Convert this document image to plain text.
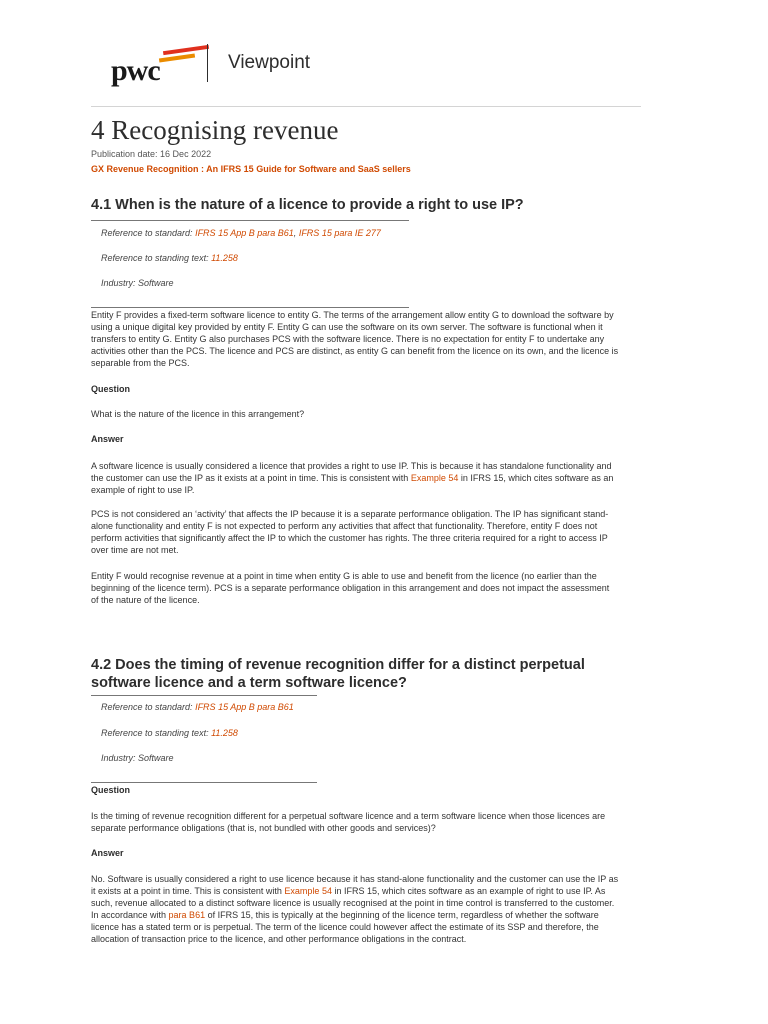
pwc	Viewpoint
4 Recognising revenue
Publication date: 16 Dec 2022
GX Revenue Recognition : An IFRS 15 Guide for Software and SaaS sellers
4.1 When is the nature of a licence to provide a right to use IP?
Reference to standard: IFRS 15 App B para B61, IFRS 15 para IE 277
Reference to standing text: 11.258
Industry: Software

Entity F provides a fixed-term software licence to entity G. The terms of the arrangement allow entity G to download the software by using a unique digital key provided by entity F. Entity G can use the software on its own server. The software is functional when it transfers to entity G. Entity G also purchases PCS with the software licence. There is no expectation for entity F to undertake any activities other than the PCS. The licence and PCS are distinct, as entity G can benefit from the licence on its own, and the licence is separable from the PCS.

Question

What is the nature of the licence in this arrangement?

Answer

A software licence is usually considered a licence that provides a right to use IP. This is because it has standalone functionality and the customer can use the IP as it exists at a point in time. This is consistent with Example 54 in IFRS 15, which cites software as an example of right to use IP.

PCS is not considered an ‘activity’ that affects the IP because it is a separate performance obligation. The IP has significant stand-alone functionality and entity F is not expected to perform any activities that affect that functionality. Therefore, entity F does not perform activities that significantly affect the IP to which the customer has rights. The three criteria required for a right to access IP over time are not met.

Entity F would recognise revenue at a point in time when entity G is able to use and benefit from the licence (no earlier than the beginning of the licence term). PCS is a separate performance obligation in this arrangement and does not impact the assessment of the nature of the licence.

4.2 Does the timing of revenue recognition differ for a distinct perpetual software licence and a term software licence?
Reference to standard: IFRS 15 App B para B61
Reference to standing text: 11.258
Industry: Software
Question

Is the timing of revenue recognition different for a perpetual software licence and a term software licence when those licences are separate performance obligations (that is, not bundled with other goods and services)?

Answer

No. Software is usually considered a right to use licence because it has stand-alone functionality and the customer can use the IP as it exists at a point in time. This is consistent with Example 54 in IFRS 15, which cites software as an example of right to use IP. As such, revenue allocated to a distinct software licence is usually recognised at the point in time control is transferred to the customer. In accordance with para B61 of IFRS 15, this is typically at the beginning of the licence term, regardless of whether the software licence has a stated term or is perpetual. The term of the licence could however affect the estimate of its SSP and therefore, the allocation of transaction price to the licence, and other performance obligations in the contract.
